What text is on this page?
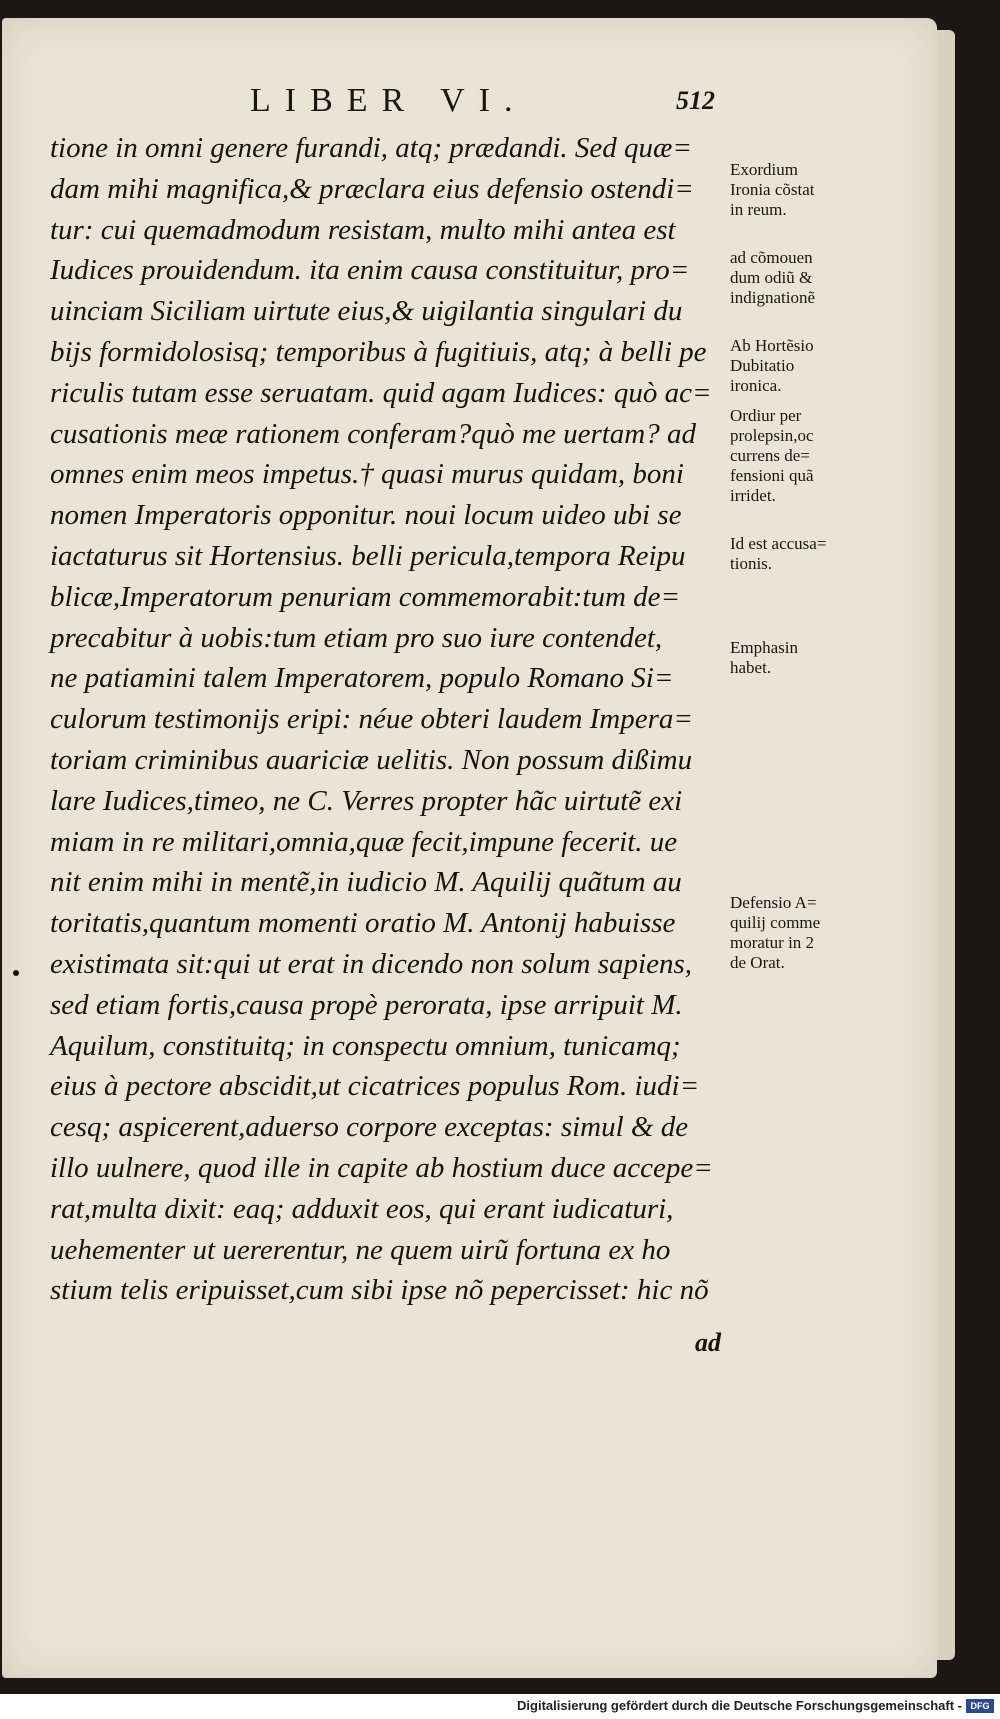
LIBER VI.	512
tione in omni genere furandi, atq; prædandi. Sed quæ=
dam mihi magnifica,& præclara eius defensio ostendi=
tur: cui quemadmodum resistam, multo mihi antea est
Iudices prouidendum. ita enim causa constituitur, pro=
uinciam Siciliam uirtute eius,& uigilantia singulari du
bijs formidolosisq; temporibus à fugitiuis, atq; à belli pe
riculis tutam esse seruatam. quid agam Iudices: quò ac=
cusationis meæ rationem conferam?quò me uertam? ad
omnes enim meos impetus.† quasi murus quidam, boni
nomen Imperatoris opponitur. noui locum uideo ubi se
iactaturus sit Hortensius. belli pericula,tempora Reipu
blicæ,Imperatorum penuriam commemorabit:tum de=
precabitur à uobis:tum etiam pro suo iure contendet,
ne patiamini talem Imperatorem, populo Romano Si=
culorum testimonijs eripi: néue obteri laudem Impera=
toriam criminibus auariciæ uelitis. Non possum dißimu
lare Iudices,timeo, ne C. Verres propter hãc uirtutẽ exi
miam in re militari,omnia,quæ fecit,impune fecerit. ue
nit enim mihi in mentẽ,in iudicio M. Aquilij quãtum au
toritatis,quantum momenti oratio M. Antonij habuisse
existimata sit:qui ut erat in dicendo non solum sapiens,
sed etiam fortis,causa propè perorata, ipse arripuit M.
Aquilum, constituitq; in conspectu omnium, tunicamq;
eius à pectore abscidit,ut cicatrices populus Rom. iudi=
cesq; aspicerent,aduerso corpore exceptas: simul & de
illo uulnere, quod ille in capite ab hostium duce accepe=
rat,multa dixit: eaq; adduxit eos, qui erant iudicaturi,
uehementer ut uererentur, ne quem uirũ fortuna ex ho
stium telis eripuisset,cum sibi ipse nõ pepercisset: hic nõ
Exordium
Ironia cõstat
in reum.
ad cõmouen
dum odiũ &
indignationẽ
Ab Hortẽsio
Dubitatio
ironica.
Ordiur per
prolepsin,oc
currens de=
fensioni quã
irridet.
Id est accusa=
tionis.
Emphasin
habet.
Defensio A=
quilij comme
moratur in 2
de Orat.
ad
Digitalisierung gefördert durch die Deutsche Forschungsgemeinschaft - DFG
